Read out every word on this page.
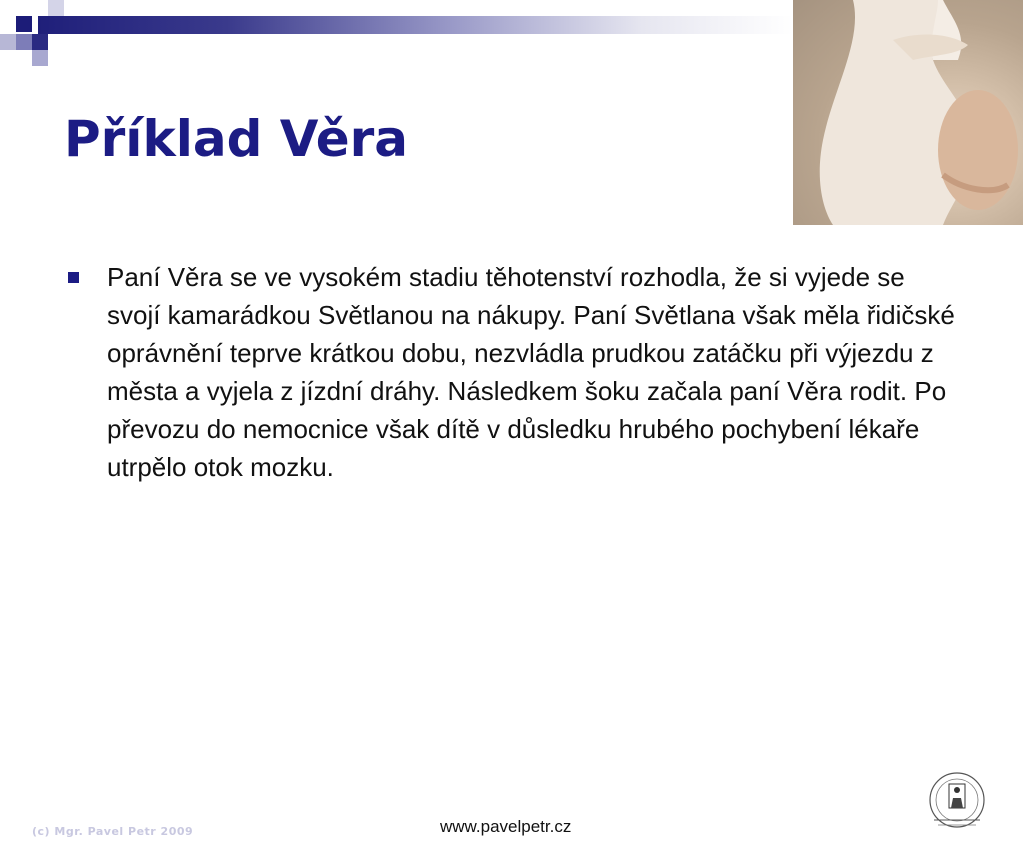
Příklad Věra
Paní Věra se ve vysokém stadiu těhotenství rozhodla, že si vyjede se svojí kamarádkou Světlanou na nákupy. Paní Světlana však měla řidičské oprávnění teprve krátkou dobu, nezvládla prudkou zatáčku při výjezdu z města a vyjela z jízdní dráhy. Následkem šoku začala paní Věra rodit. Po převozu do nemocnice však dítě v důsledku hrubého pochybení lékaře utrpělo otok mozku.
(c) Mgr. Pavel Petr 2009	www.pavelpetr.cz
